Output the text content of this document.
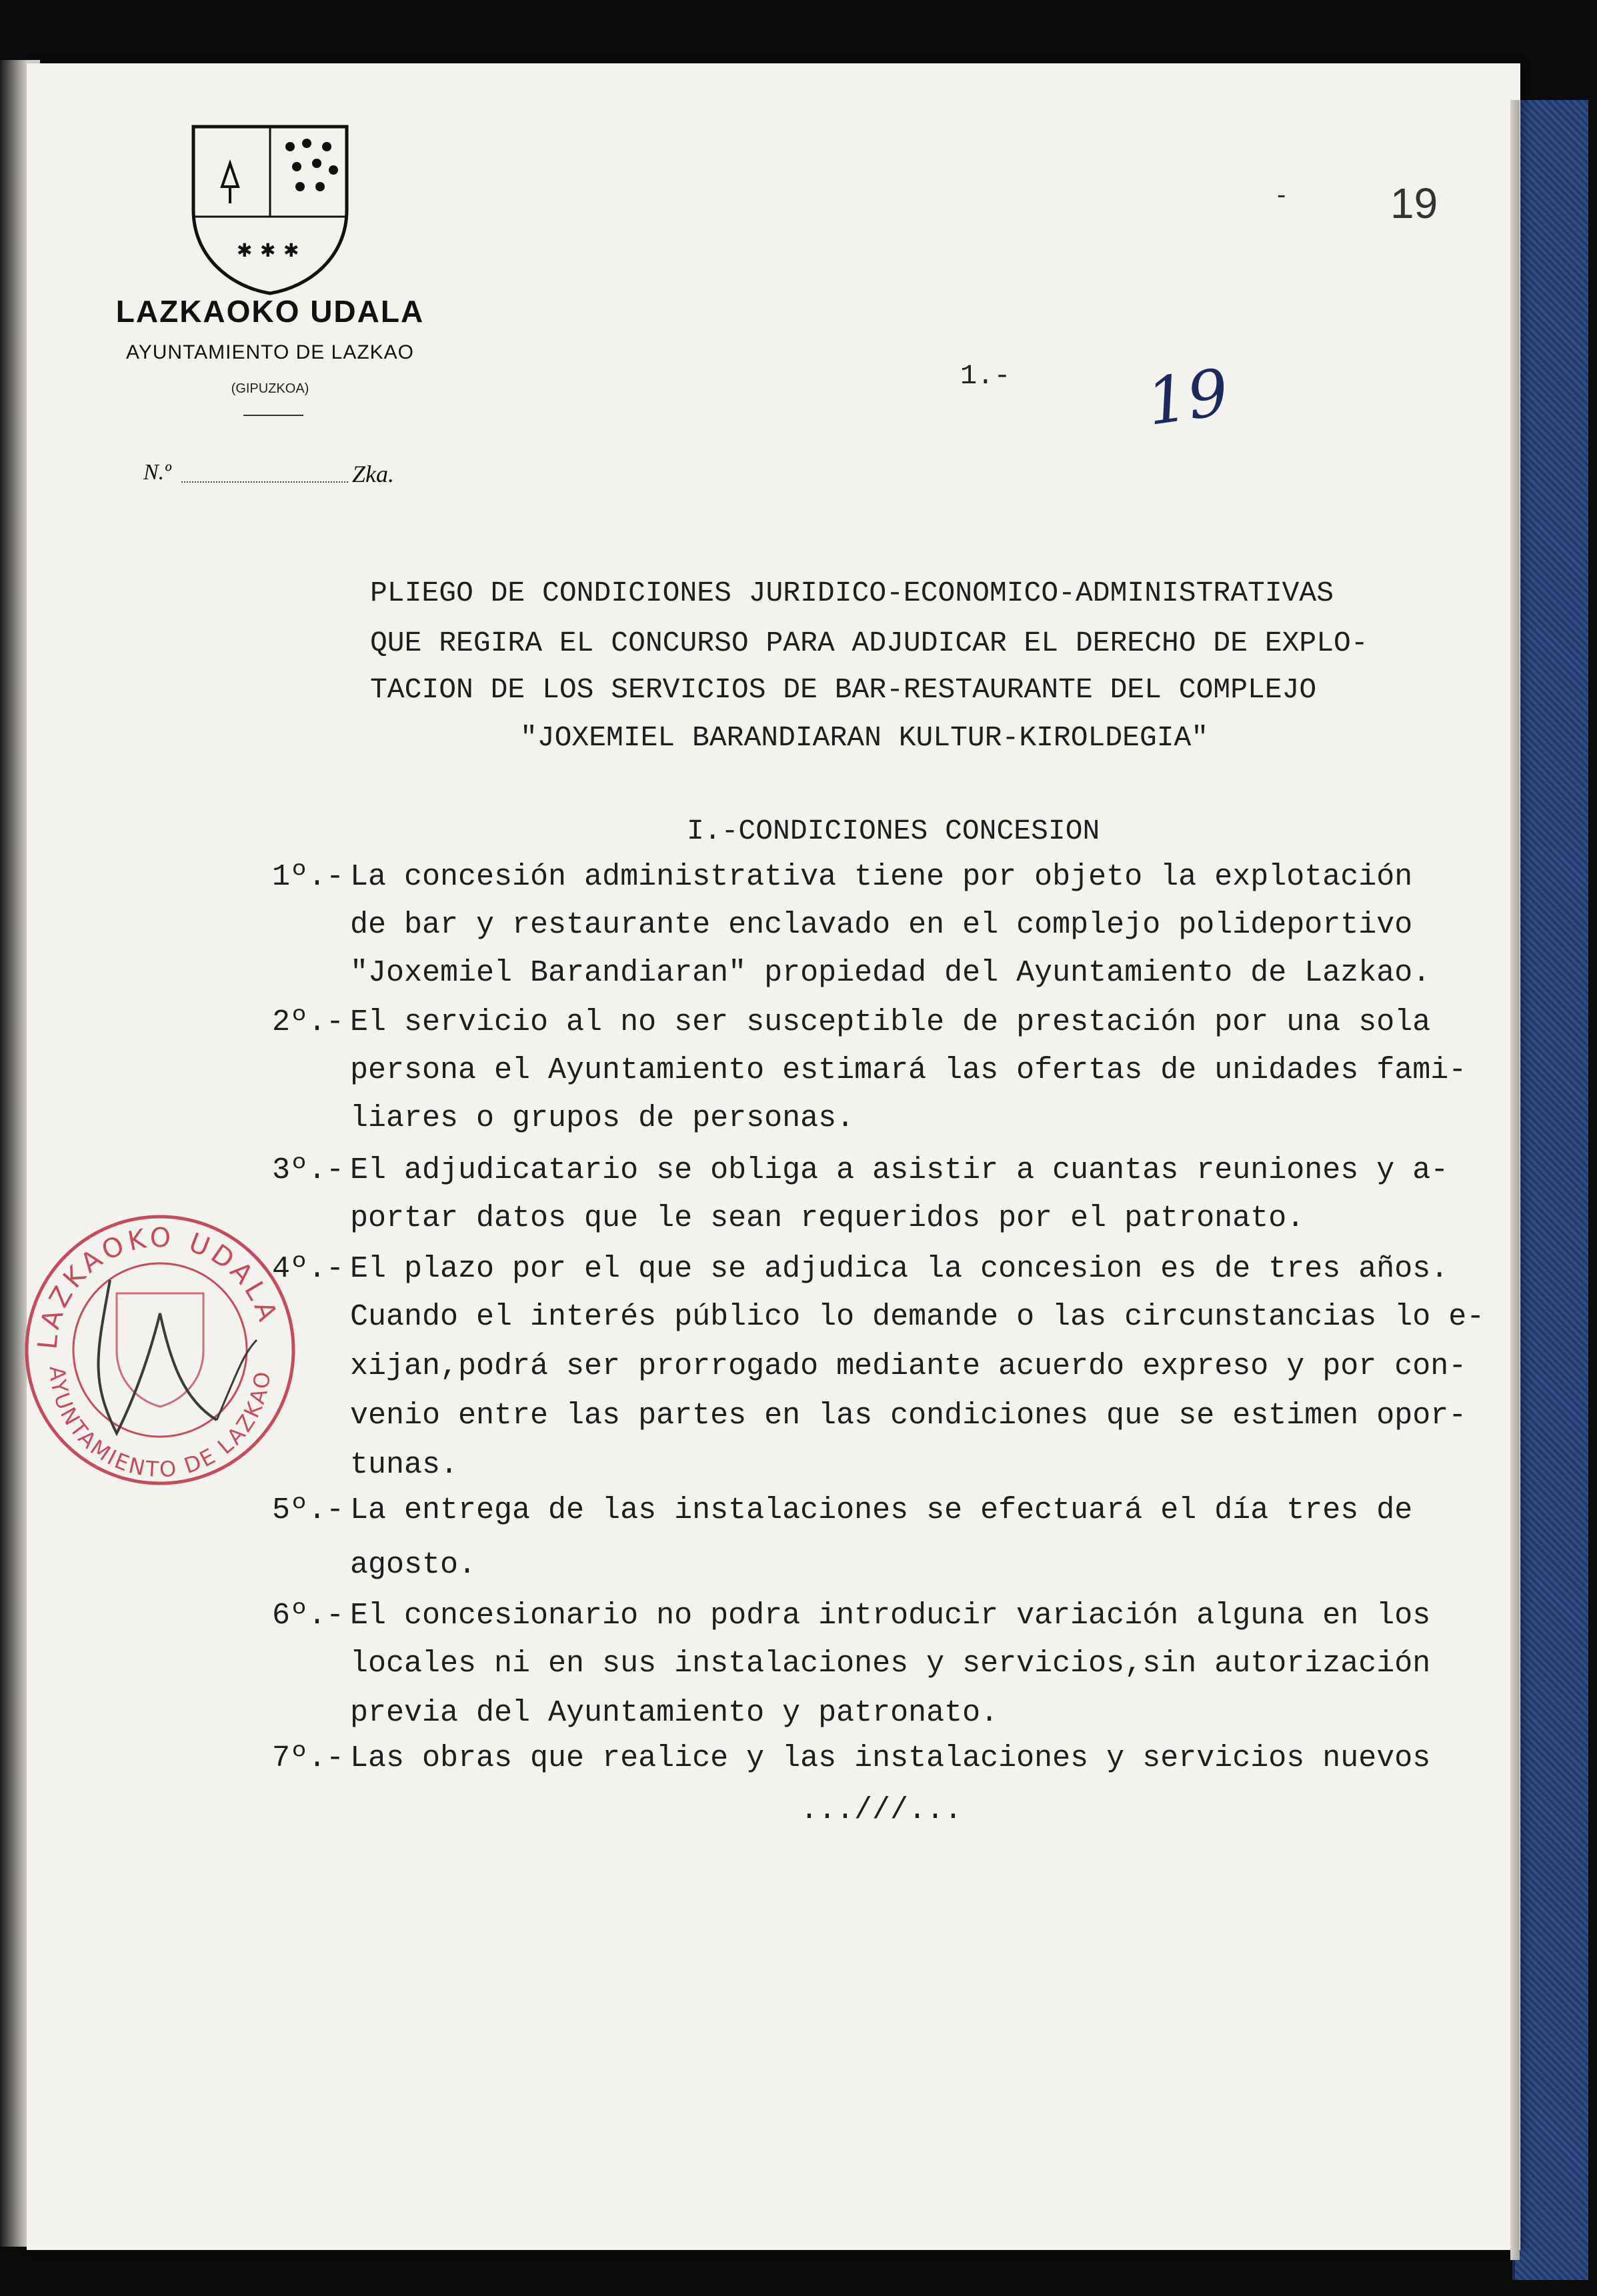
✱ ✱ ✱
LAZKAOKO UDALA
AYUNTAMIENTO DE LAZKAO
(GIPUZKOA)
N.º	Zka.
- 19
1.- 19
PLIEGO DE CONDICIONES JURIDICO-ECONOMICO-ADMINISTRATIVAS
QUE REGIRA EL CONCURSO PARA ADJUDICAR EL DERECHO DE EXPLO-
TACION DE LOS SERVICIOS DE BAR-RESTAURANTE DEL COMPLEJO
"JOXEMIEL BARANDIARAN KULTUR-KIROLDEGIA"
I.-CONDICIONES CONCESION
1º.- La concesión administrativa tiene por objeto la explotación
de bar y restaurante enclavado en el complejo polideportivo
"Joxemiel Barandiaran" propiedad del Ayuntamiento de Lazkao.
2º.- El servicio al no ser susceptible de prestación por una sola
persona el Ayuntamiento estimará las ofertas de unidades fami-
liares o grupos de personas.
3º.- El adjudicatario se obliga a asistir a cuantas reuniones y a-
portar datos que le sean requeridos por el patronato.
4º.- El plazo por el que se adjudica la concesion es de tres años.
Cuando el interés público lo demande o las circunstancias lo e-
xijan,podrá ser prorrogado mediante acuerdo expreso y por con-
venio entre las partes en las condiciones que se estimen opor-
tunas.
5º.- La entrega de las instalaciones se efectuará el día tres de
agosto.
6º.- El concesionario no podra introducir variación alguna en los
locales ni en sus instalaciones y servicios,sin autorización
previa del Ayuntamiento y patronato.
7º.- Las obras que realice y las instalaciones y servicios nuevos
...///...
LAZKAOKO UDALA
AYUNTAMIENTO DE LAZKAO
